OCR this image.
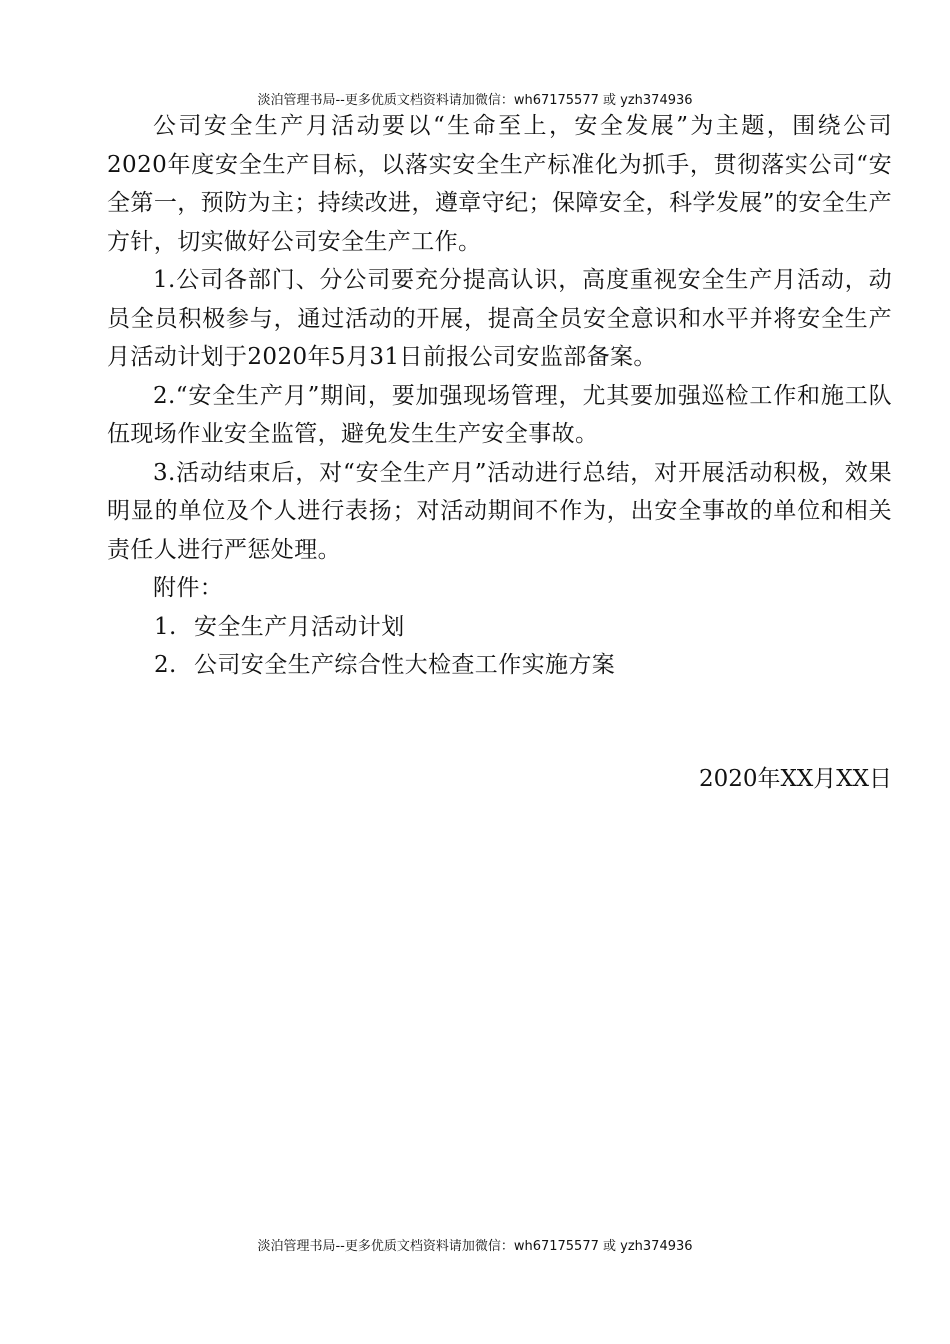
淡泊管理书局--更多优质文档资料请加微信：wh67175577 或 yzh374936

公司安全生产月活动要以“生命至上，安全发展”为主题，围绕公司2020年度安全生产目标，以落实安全生产标准化为抓手，贯彻落实公司“安全第一，预防为主；持续改进，遵章守纪；保障安全，科学发展”的安全生产方针，切实做好公司安全生产工作。

1.公司各部门、分公司要充分提高认识，高度重视安全生产月活动，动员全员积极参与，通过活动的开展，提高全员安全意识和水平并将安全生产月活动计划于2020年5月31日前报公司安监部备案。

2.“安全生产月”期间，要加强现场管理，尤其要加强巡检工作和施工队伍现场作业安全监管，避免发生生产安全事故。

3.活动结束后，对“安全生产月”活动进行总结，对开展活动积极，效果明显的单位及个人进行表扬；对活动期间不作为，出安全事故的单位和相关责任人进行严惩处理。

附件：

1. 安全生产月活动计划

2. 公司安全生产综合性大检查工作实施方案

2020年XX月XX日
淡泊管理书局--更多优质文档资料请加微信：wh67175577 或 yzh374936
